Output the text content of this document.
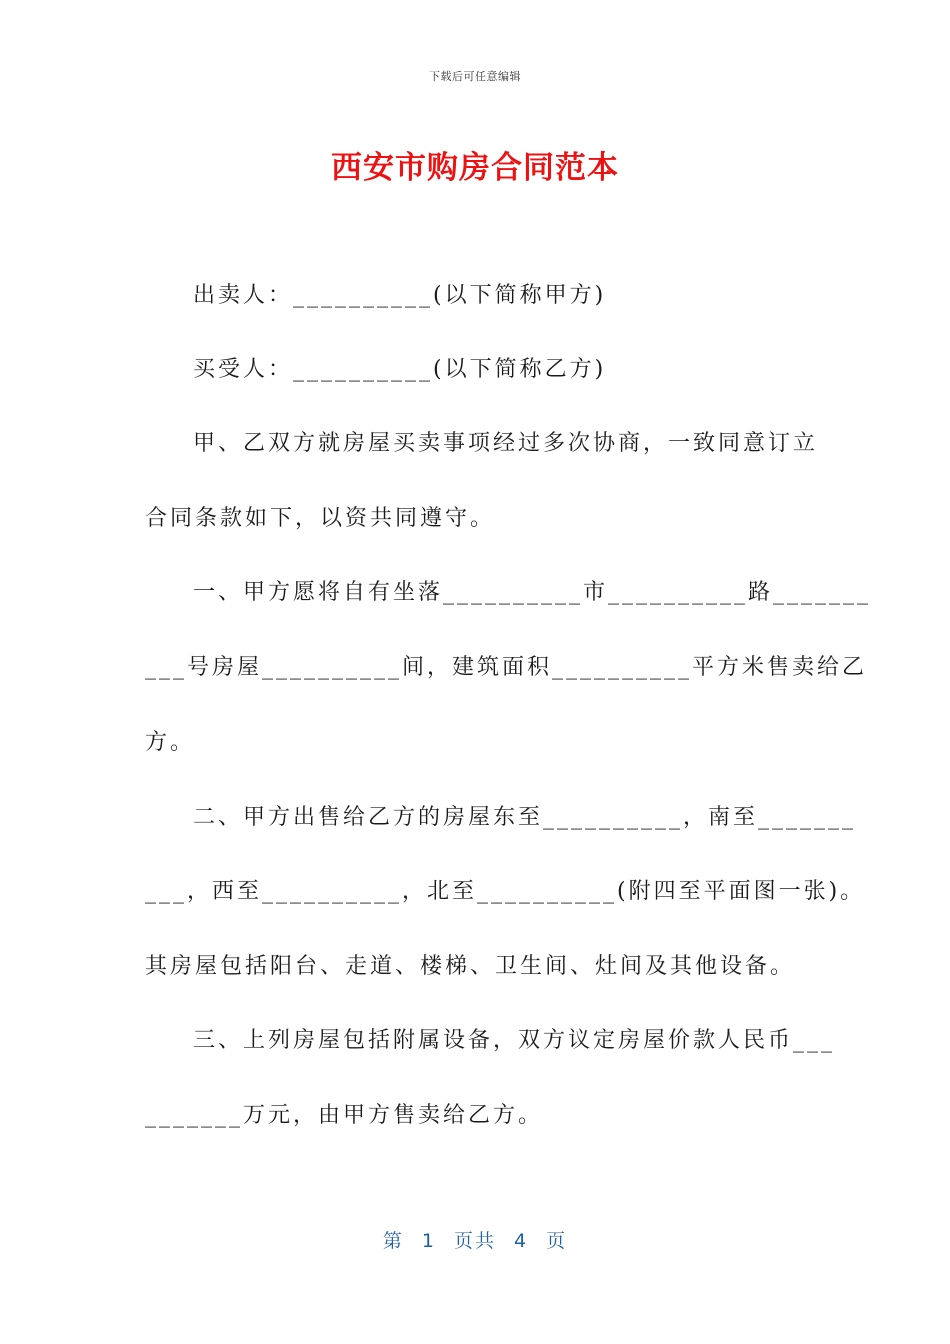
下载后可任意编辑
西安市购房合同范本
出卖人：__________(以下简称甲方)
买受人：__________(以下简称乙方)
甲、乙双方就房屋买卖事项经过多次协商，一致同意订立
合同条款如下，以资共同遵守。
一、甲方愿将自有坐落__________市__________路_______
___号房屋__________间，建筑面积__________平方米售卖给乙
方。
二、甲方出售给乙方的房屋东至__________，南至_______
___，西至__________，北至__________(附四至平面图一张)。
其房屋包括阳台、走道、楼梯、卫生间、灶间及其他设备。
三、上列房屋包括附属设备，双方议定房屋价款人民币___
_______万元，由甲方售卖给乙方。
第 1 页共 4 页
